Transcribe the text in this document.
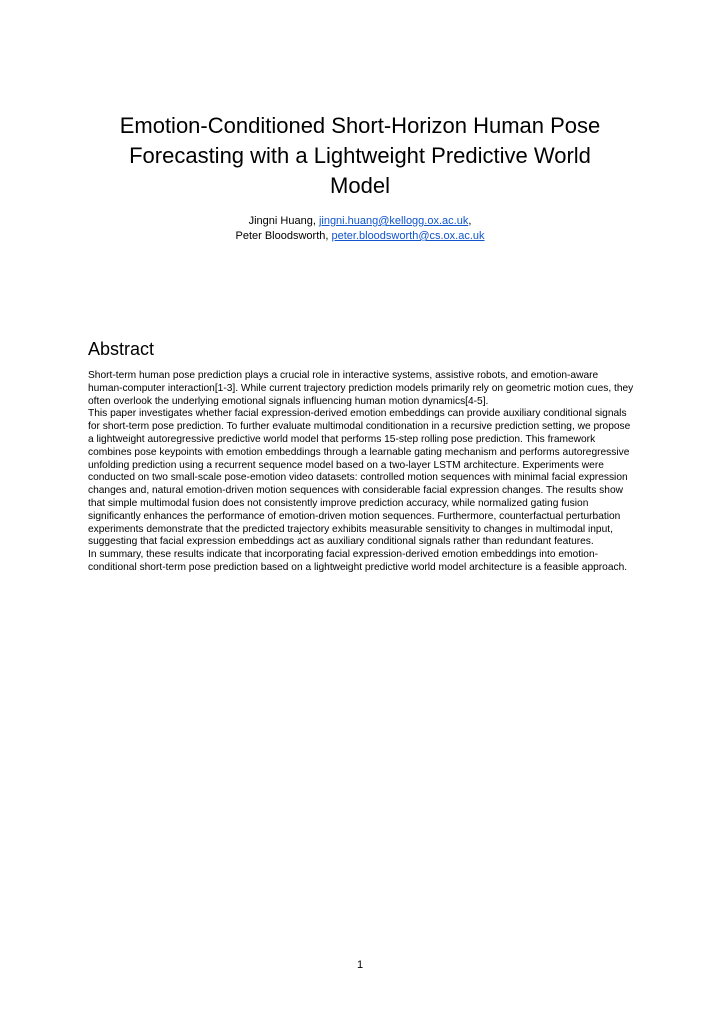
Emotion-Conditioned Short-Horizon Human Pose
Forecasting with a Lightweight Predictive World
Model
Jingni Huang, jingni.huang@kellogg.ox.ac.uk,
Peter Bloodsworth, peter.bloodsworth@cs.ox.ac.uk
Abstract

Short-term human pose prediction plays a crucial role in interactive systems, assistive robots, and emotion-aware human-computer interaction[1-3]. While current trajectory prediction models primarily rely on geometric motion cues, they often overlook the underlying emotional signals influencing human motion dynamics[4-5].

This paper investigates whether facial expression-derived emotion embeddings can provide auxiliary conditional signals for short-term pose prediction. To further evaluate multimodal conditionation in a recursive prediction setting, we propose a lightweight autoregressive predictive world model that performs 15-step rolling pose prediction. This framework combines pose keypoints with emotion embeddings through a learnable gating mechanism and performs autoregressive unfolding prediction using a recurrent sequence model based on a two-layer LSTM architecture. Experiments were conducted on two small-scale pose-emotion video datasets: controlled motion sequences with minimal facial expression changes and, natural emotion-driven motion sequences with considerable facial expression changes. The results show that simple multimodal fusion does not consistently improve prediction accuracy, while normalized gating fusion significantly enhances the performance of emotion-driven motion sequences. Furthermore, counterfactual perturbation experiments demonstrate that the predicted trajectory exhibits measurable sensitivity to changes in multimodal input, suggesting that facial expression embeddings act as auxiliary conditional signals rather than redundant features.

In summary, these results indicate that incorporating facial expression-derived emotion embeddings into emotion-conditional short-term pose prediction based on a lightweight predictive world model architecture is a feasible approach.

1
